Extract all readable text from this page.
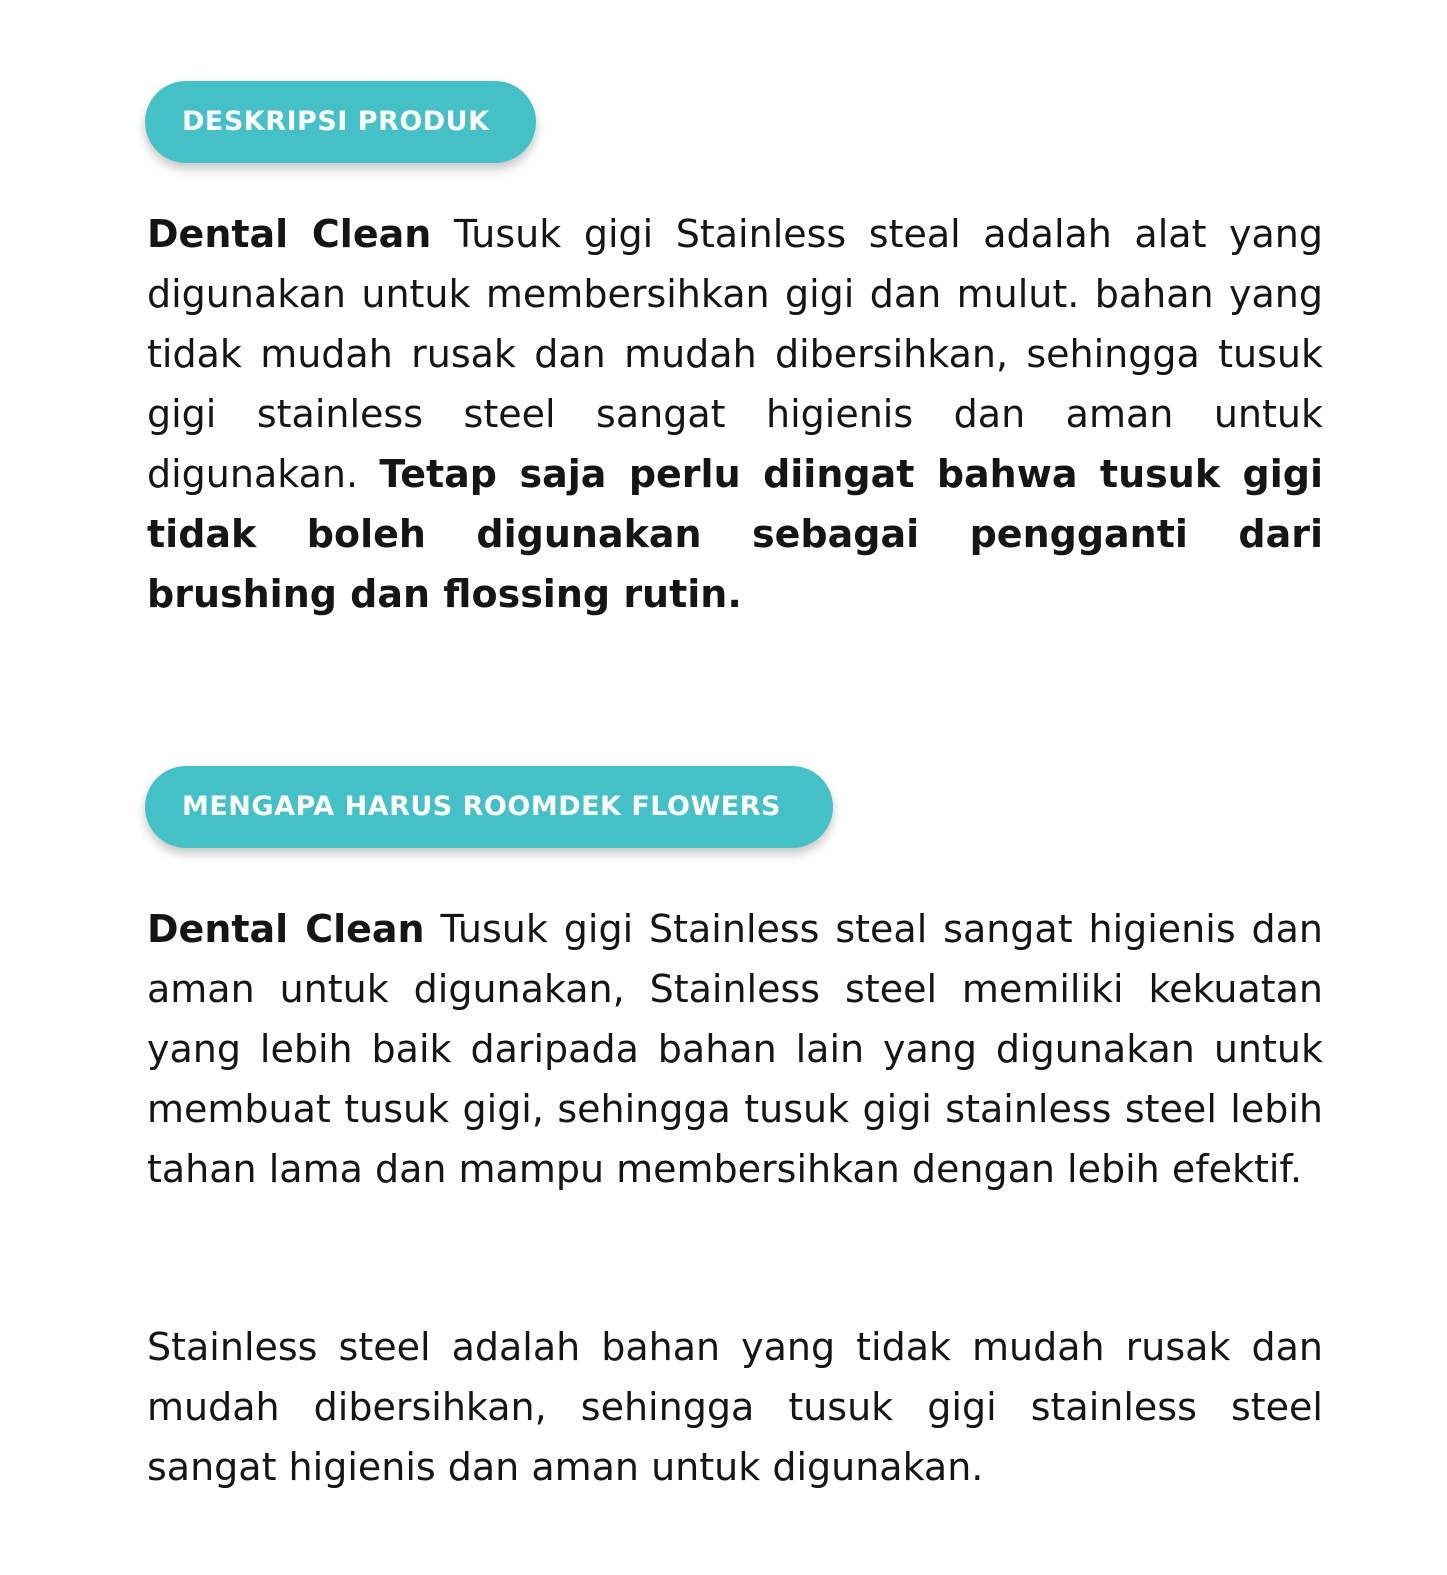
DESKRIPSI PRODUK

Dental Clean Tusuk gigi Stainless steal adalah alat yang digunakan untuk membersihkan gigi dan mulut. bahan yang tidak mudah rusak dan mudah dibersihkan, sehingga tusuk gigi stainless steel sangat higienis dan aman untuk digunakan. Tetap saja perlu diingat bahwa tusuk gigi tidak boleh digunakan sebagai pengganti dari brushing dan flossing rutin.

MENGAPA HARUS ROOMDEK FLOWERS

Dental Clean Tusuk gigi Stainless steal sangat higienis dan aman untuk digunakan, Stainless steel memiliki kekuatan yang lebih baik daripada bahan lain yang digunakan untuk membuat tusuk gigi, sehingga tusuk gigi stainless steel lebih tahan lama dan mampu membersihkan dengan lebih efektif.

Stainless steel adalah bahan yang tidak mudah rusak dan mudah dibersihkan, sehingga tusuk gigi stainless steel sangat higienis dan aman untuk digunakan.
